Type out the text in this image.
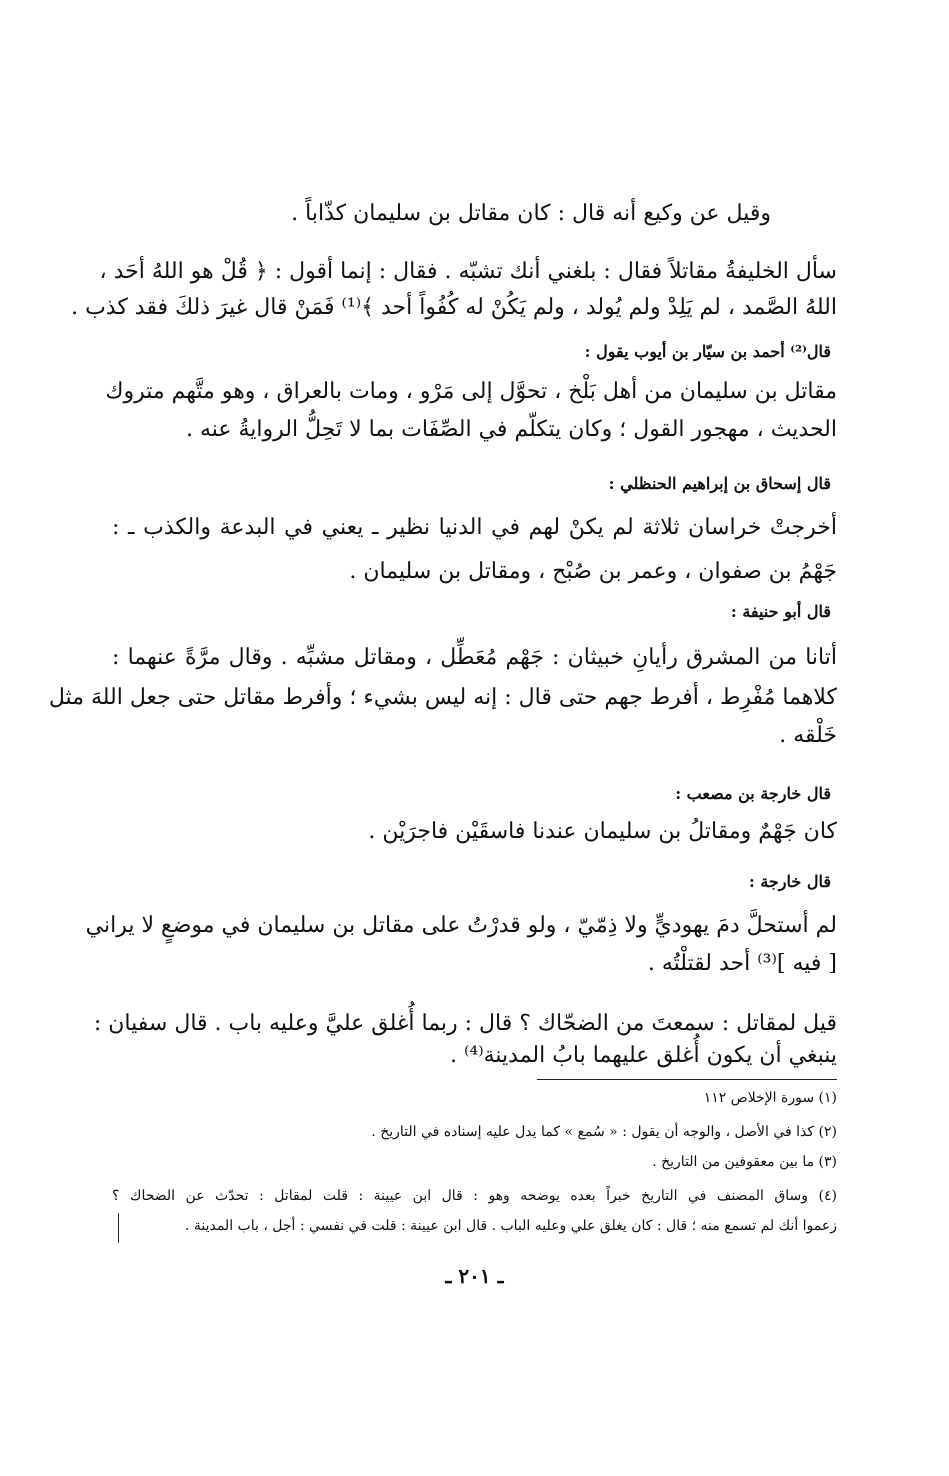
وقيل عن وكيع أنه قال : كان مقاتل بن سليمان كذّاباً .
سأل الخليفةُ مقاتلاً فقال : بلغني أنك تشبّه . فقال : إنما أقول : ﴿ قُلْ هو اللهُ أحَد ،
اللهُ الصَّمد ، لم يَلِدْ ولم يُولد ، ولم يَكُنْ له كُفُواً أحد ﴾⁽¹⁾ فَمَنْ قال غيرَ ذلكَ فقد كذب .
قال⁽²⁾ أحمد بن سيّار بن أيوب يقول :
مقاتل بن سليمان من أهل بَلْخ ، تحوَّل إلى مَرْو ، ومات بالعراق ، وهو متَّهم متروك
الحديث ، مهجور القول ؛ وكان يتكلّم في الصِّفَات بما لا تَحِلُّ الروايةُ عنه .
قال إسحاق بن إبراهيم الحنظلي :
أخرجتْ خراسان ثلاثة لم يكنْ لهم في الدنيا نظير ـ يعني في البدعة والكذب ـ :
جَهْمُ بن صفوان ، وعمر بن صُبْح ، ومقاتل بن سليمان .
قال أبو حنيفة :
أتانا من المشرق رأيانِ خبيثان : جَهْم مُعَطِّل ، ومقاتل مشبِّه . وقال مرَّةً عنهما :
كلاهما مُفْرِط ، أفرط جهم حتى قال : إنه ليس بشيء ؛ وأفرط مقاتل حتى جعل اللهَ مثل
خَلْقه .
قال خارجة بن مصعب :
كان جَهْمٌ ومقاتلُ بن سليمان عندنا فاسقَيْن فاجرَيْن .
قال خارجة :
لم أستحلَّ دمَ يهوديٍّ ولا ذِمّيّ ، ولو قدرْتُ على مقاتل بن سليمان في موضعٍ لا يراني
[ فيه ]⁽³⁾ أحد لقتلْتُه .
قيل لمقاتل : سمعتَ من الضحّاك ؟ قال : ربما أُغلق عليَّ وعليه باب . قال سفيان :
ينبغي أن يكون أُغلق عليهما بابُ المدينة⁽⁴⁾ .
(١) سورة الإخلاص ١١٢
(٢) كذا في الأصل ، والوجه أن يقول : « سُمع » كما يدل عليه إسناده في التاريخ .
(٣) ما بين معقوفين من التاريخ .
(٤) وساق المصنف في التاريخ خبراً بعده يوضحه وهو : قال ابن عيينة : قلت لمقاتل : تحدّث عن الضحاك ؟
زعموا أنك لم تسمع منه ؛ قال : كان يغلق علي وعليه الباب . قال ابن عيينة : قلت في نفسي : أجل ، باب المدينة .
ـ ٢٠١ ـ
